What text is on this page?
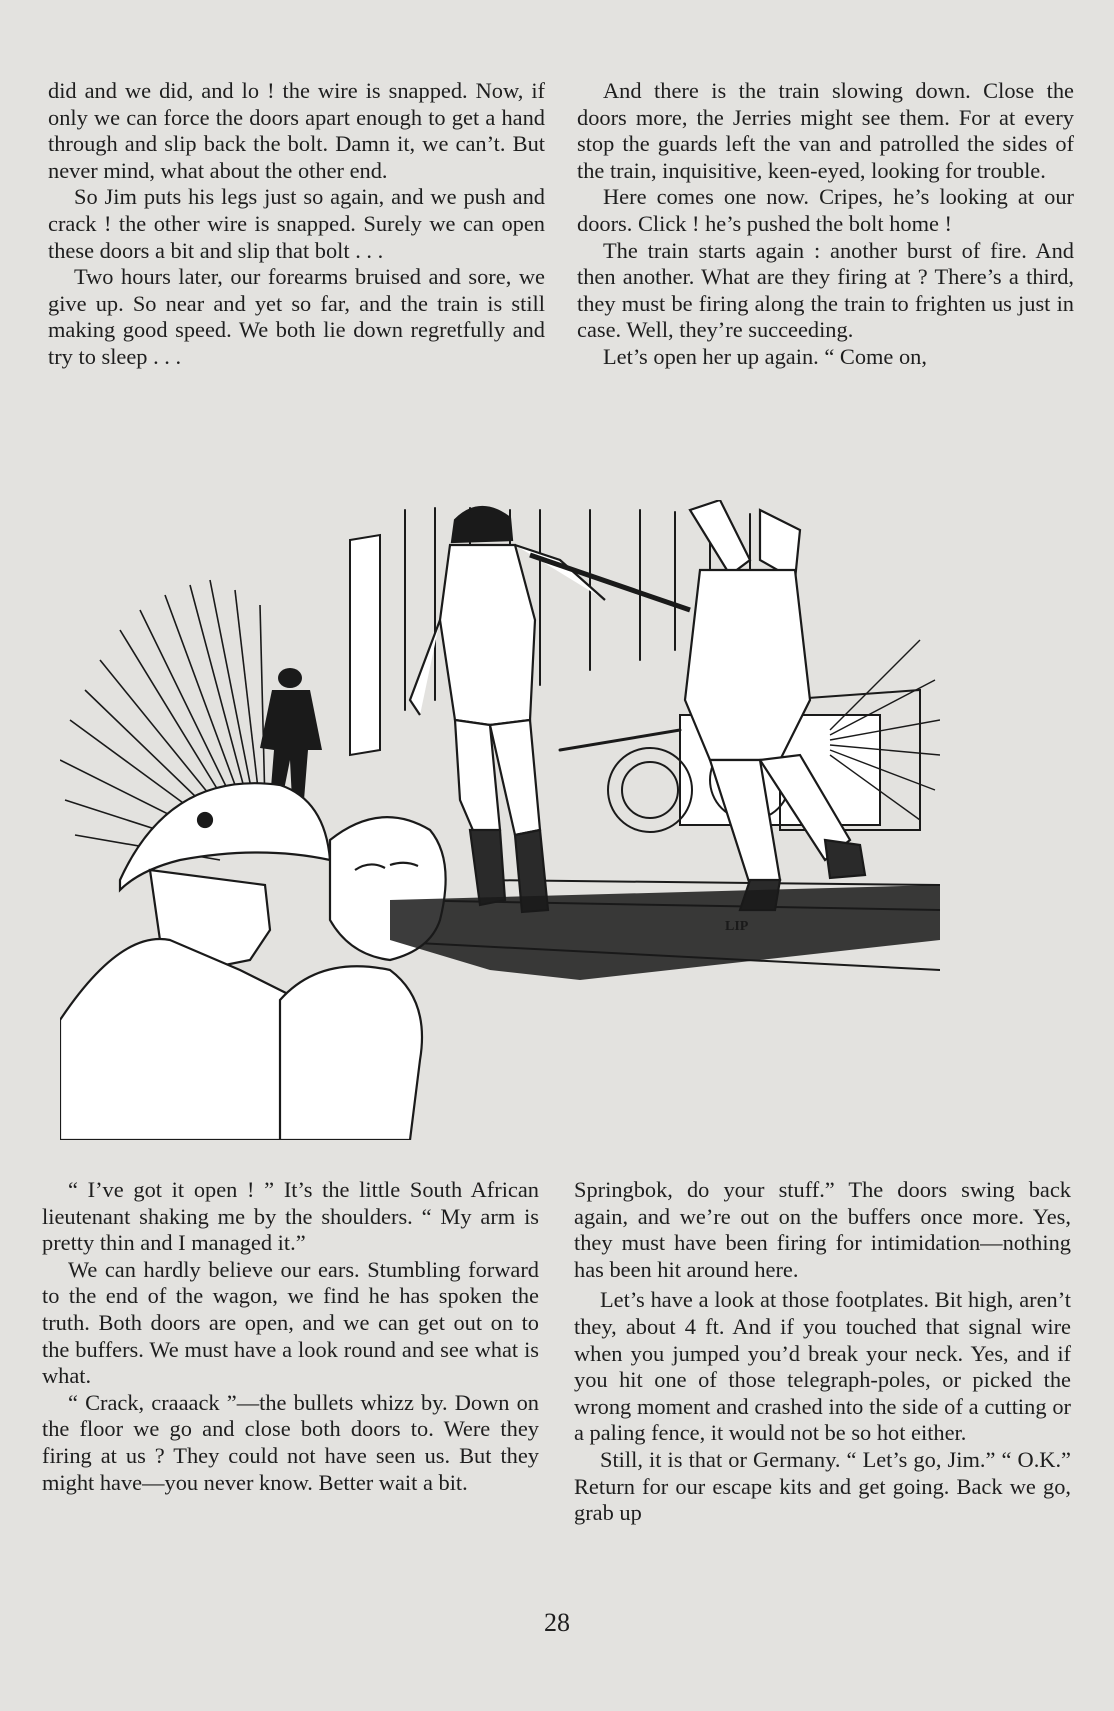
did and we did, and lo ! the wire is snapped. Now, if only we can force the doors apart enough to get a hand through and slip back the bolt. Damn it, we can’t. But never mind, what about the other end.

So Jim puts his legs just so again, and we push and crack ! the other wire is snapped. Surely we can open these doors a bit and slip that bolt . . .

Two hours later, our forearms bruised and sore, we give up. So near and yet so far, and the train is still making good speed. We both lie down regretfully and try to sleep . . .

And there is the train slowing down. Close the doors more, the Jerries might see them. For at every stop the guards left the van and patrolled the sides of the train, inquisitive, keen-eyed, looking for trouble.

Here comes one now. Cripes, he’s looking at our doors. Click ! he’s pushed the bolt home !

The train starts again : another burst of fire. And then another. What are they firing at ? There’s a third, they must be firing along the train to frighten us just in case. Well, they’re succeeding.

Let’s open her up again. “ Come on,

LIP

“ I’ve got it open ! ” It’s the little South African lieutenant shaking me by the shoulders. “ My arm is pretty thin and I managed it.”

We can hardly believe our ears. Stumbling forward to the end of the wagon, we find he has spoken the truth. Both doors are open, and we can get out on to the buffers. We must have a look round and see what is what.

“ Crack, craaack ”—the bullets whizz by. Down on the floor we go and close both doors to. Were they firing at us ? They could not have seen us. But they might have—you never know. Better wait a bit.

Springbok, do your stuff.” The doors swing back again, and we’re out on the buffers once more. Yes, they must have been firing for intimidation—nothing has been hit around here.

Let’s have a look at those footplates. Bit high, aren’t they, about 4 ft. And if you touched that signal wire when you jumped you’d break your neck. Yes, and if you hit one of those telegraph-poles, or picked the wrong moment and crashed into the side of a cutting or a paling fence, it would not be so hot either.

Still, it is that or Germany. “ Let’s go, Jim.” “ O.K.” Return for our escape kits and get going. Back we go, grab up

28
